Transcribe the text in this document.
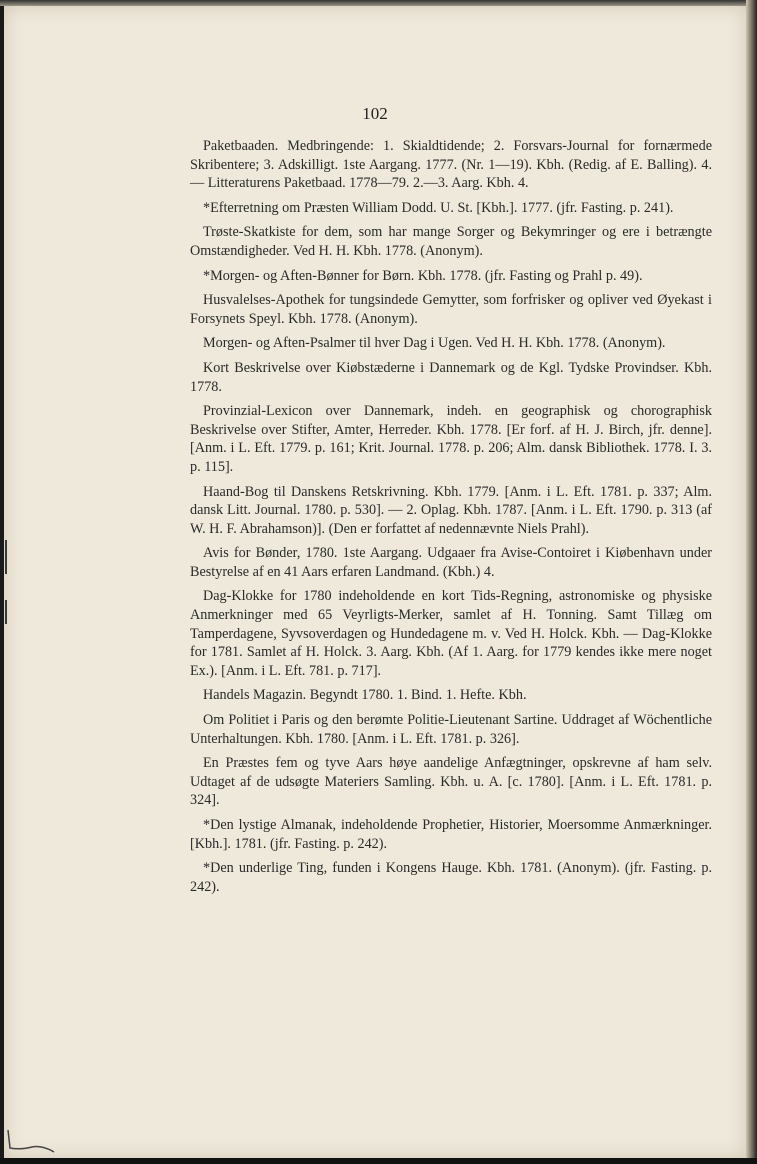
102

Paketbaaden. Medbringende: 1. Skialdtidende; 2. Forsvars-Journal for fornærmede Skribentere; 3. Adskilligt. 1ste Aargang. 1777. (Nr. 1—19). Kbh. (Redig. af E. Balling). 4. — Litteraturens Paketbaad. 1778—79. 2.—3. Aarg. Kbh. 4.

*Efterretning om Præsten William Dodd. U. St. [Kbh.]. 1777. (jfr. Fasting. p. 241).

Trøste-Skatkiste for dem, som har mange Sorger og Bekymringer og ere i betrængte Omstændigheder. Ved H. H. Kbh. 1778. (Anonym).

*Morgen- og Aften-Bønner for Børn. Kbh. 1778. (jfr. Fasting og Prahl p. 49).

Husvalelses-Apothek for tungsindede Gemytter, som forfrisker og opliver ved Øyekast i Forsynets Speyl. Kbh. 1778. (Anonym).

Morgen- og Aften-Psalmer til hver Dag i Ugen. Ved H. H. Kbh. 1778. (Anonym).

Kort Beskrivelse over Kiøbstæderne i Dannemark og de Kgl. Tydske Provindser. Kbh. 1778.

Provinzial-Lexicon over Dannemark, indeh. en geographisk og chorographisk Beskrivelse over Stifter, Amter, Herreder. Kbh. 1778. [Er forf. af H. J. Birch, jfr. denne]. [Anm. i L. Eft. 1779. p. 161; Krit. Journal. 1778. p. 206; Alm. dansk Bibliothek. 1778. I. 3. p. 115].

Haand-Bog til Danskens Retskrivning. Kbh. 1779. [Anm. i L. Eft. 1781. p. 337; Alm. dansk Litt. Journal. 1780. p. 530]. — 2. Oplag. Kbh. 1787. [Anm. i L. Eft. 1790. p. 313 (af W. H. F. Abrahamson)]. (Den er forfattet af nedennævnte Niels Prahl).

Avis for Bønder, 1780. 1ste Aargang. Udgaaer fra Avise-Contoiret i Kiøbenhavn under Bestyrelse af en 41 Aars erfaren Landmand. (Kbh.) 4.

Dag-Klokke for 1780 indeholdende en kort Tids-Regning, astronomiske og physiske Anmerkninger med 65 Veyrligts-Merker, samlet af H. Tonning. Samt Tillæg om Tamperdagene, Syvsoverdagen og Hundedagene m. v. Ved H. Holck. Kbh. — Dag-Klokke for 1781. Samlet af H. Holck. 3. Aarg. Kbh. (Af 1. Aarg. for 1779 kendes ikke mere noget Ex.). [Anm. i L. Eft. 781. p. 717].

Handels Magazin. Begyndt 1780. 1. Bind. 1. Hefte. Kbh.

Om Politiet i Paris og den berømte Politie-Lieutenant Sartine. Uddraget af Wöchentliche Unterhaltungen. Kbh. 1780. [Anm. i L. Eft. 1781. p. 326].

En Præstes fem og tyve Aars høye aandelige Anfægtninger, opskrevne af ham selv. Udtaget af de udsøgte Materiers Samling. Kbh. u. A. [c. 1780]. [Anm. i L. Eft. 1781. p. 324].

*Den lystige Almanak, indeholdende Prophetier, Historier, Moersomme Anmærkninger. [Kbh.]. 1781. (jfr. Fasting. p. 242).

*Den underlige Ting, funden i Kongens Hauge. Kbh. 1781. (Anonym). (jfr. Fasting. p. 242).
